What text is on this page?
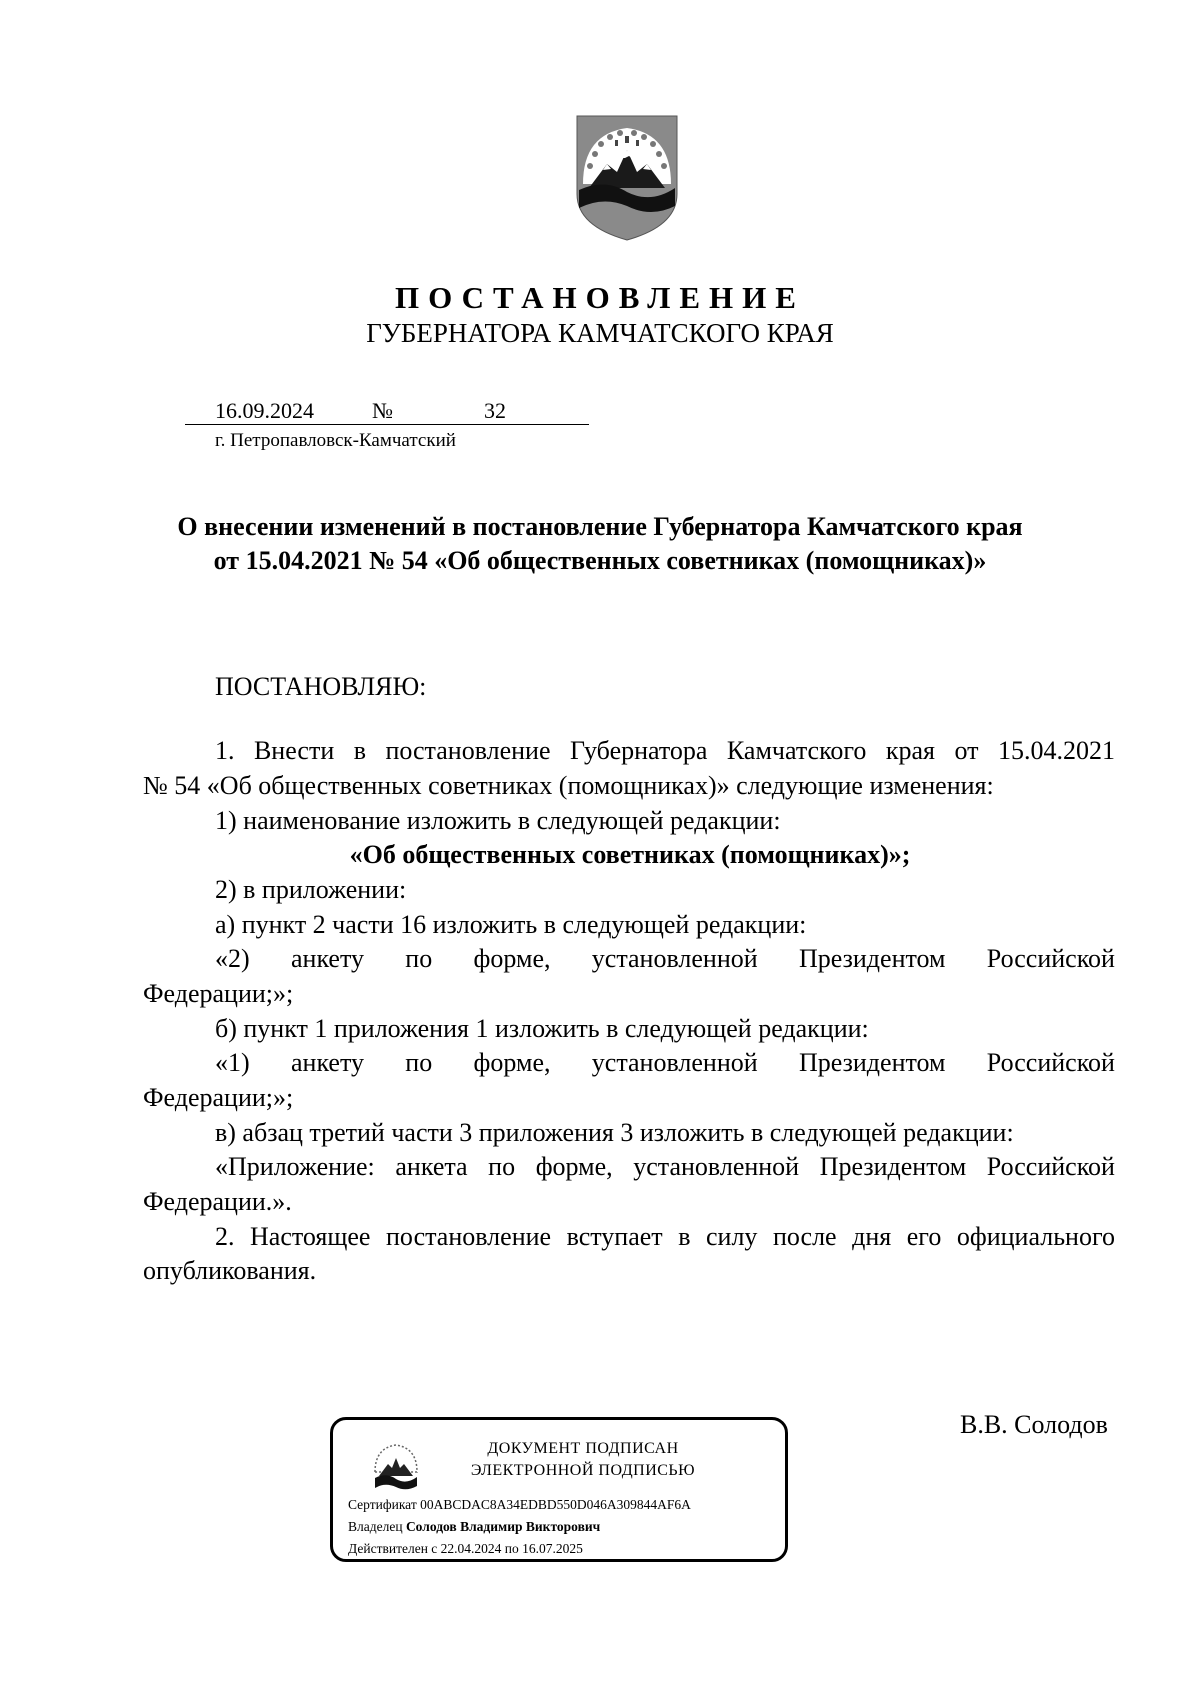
ПОСТАНОВЛЕНИЕ
ГУБЕРНАТОРА КАМЧАТСКОГО КРАЯ
16.09.2024	№	32
г. Петропавловск-Камчатский
О внесении изменений в постановление Губернатора Камчатского края
от 15.04.2021 № 54 «Об общественных советниках (помощниках)»
ПОСТАНОВЛЯЮ:
1. Внести в постановление Губернатора Камчатского края от 15.04.2021
№ 54 «Об общественных советниках (помощниках)» следующие изменения:
1) наименование изложить в следующей редакции:
«Об общественных советниках (помощниках)»;
2) в приложении:
а) пункт 2 части 16 изложить в следующей редакции:
«2) анкету по форме, установленной Президентом Российской
Федерации;»;
б) пункт 1 приложения 1 изложить в следующей редакции:
«1) анкету по форме, установленной Президентом Российской
Федерации;»;
в) абзац третий части 3 приложения 3 изложить в следующей редакции:
«Приложение: анкета по форме, установленной Президентом Российской
Федерации.».
2. Настоящее постановление вступает в силу после дня его официального
опубликования.
ДОКУМЕНТ ПОДПИСАН
ЭЛЕКТРОННОЙ ПОДПИСЬЮ
Сертификат 00ABCDAC8A34EDBD550D046A309844AF6A
Владелец Солодов Владимир Викторович
Действителен с 22.04.2024 по 16.07.2025
В.В. Солодов
